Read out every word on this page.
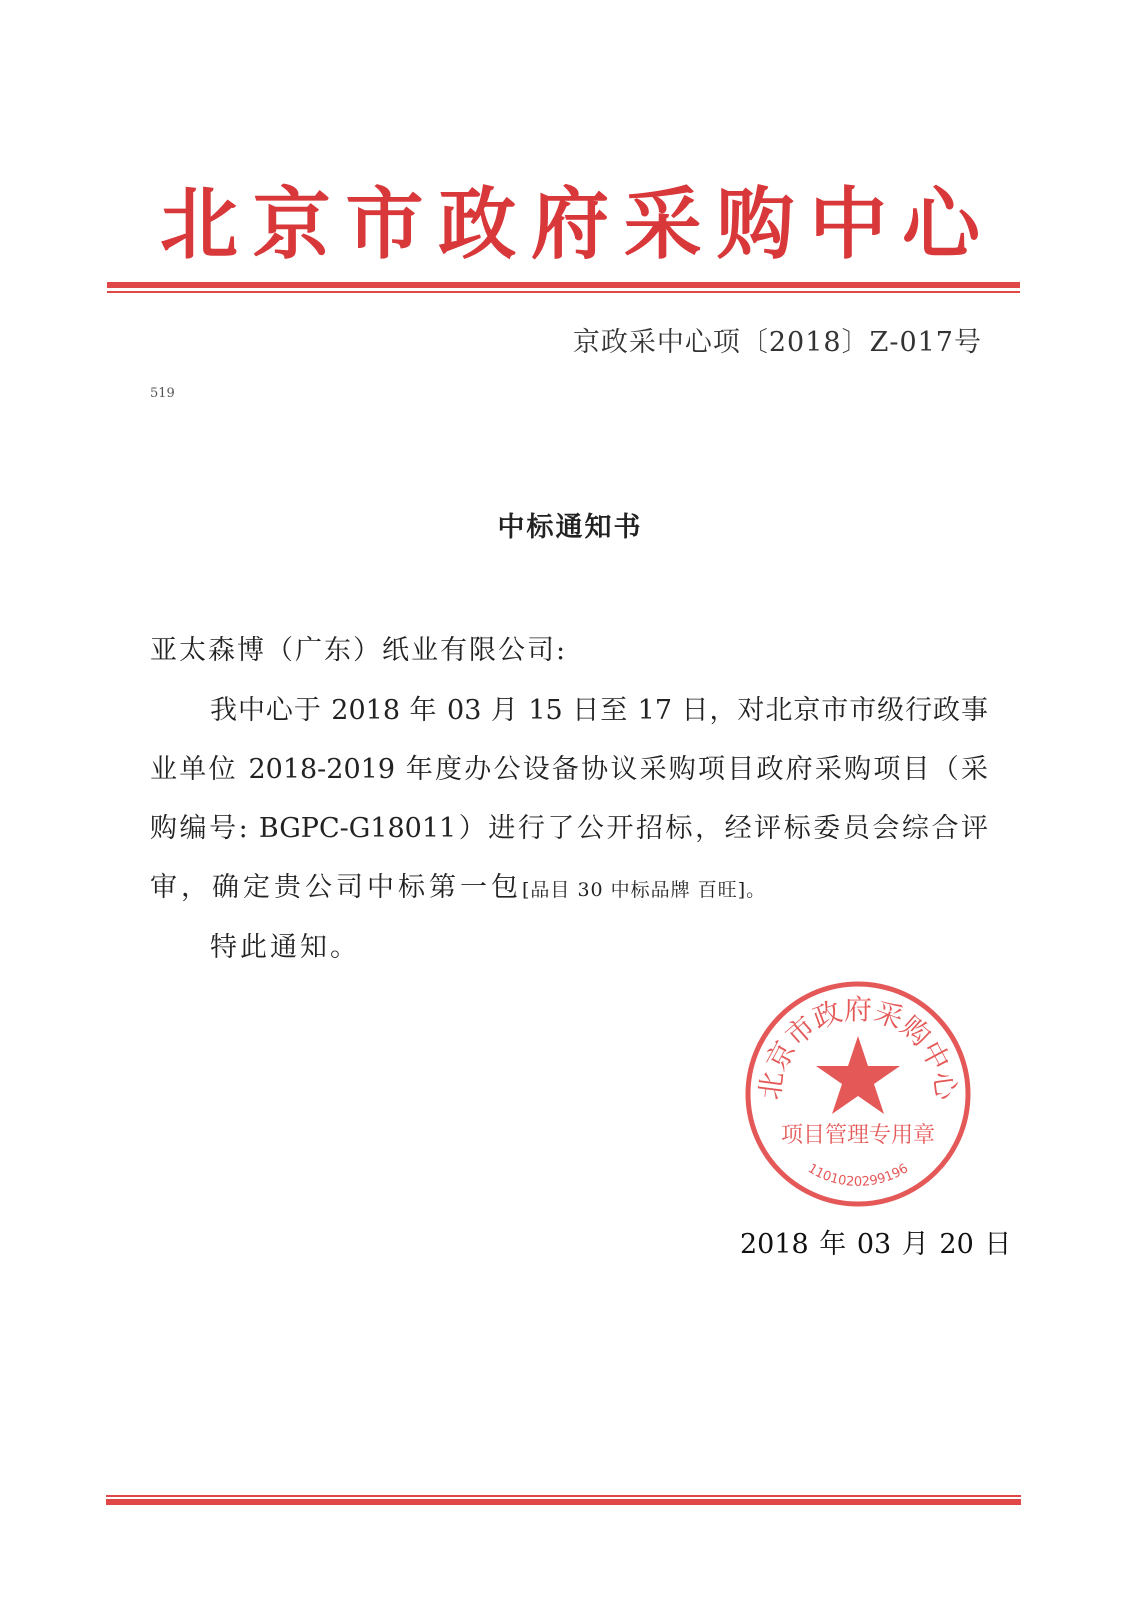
北京市政府采购中心
京政采中心项〔2018〕Z-017号
519
中标通知书
亚太森博（广东）纸业有限公司:
我中心于 2018 年 03 月 15 日至 17 日，对北京市市级行政事
业单位 2018-2019 年度办公设备协议采购项目政府采购项目（采
购编号: BGPC-G18011）进行了公开招标，经评标委员会综合评
审，确定贵公司中标第一包[品目 30 中标品牌 百旺]。
特此通知。
北京市政府采购中心
项目管理专用章
1101020299196
2018 年 03 月 20 日
